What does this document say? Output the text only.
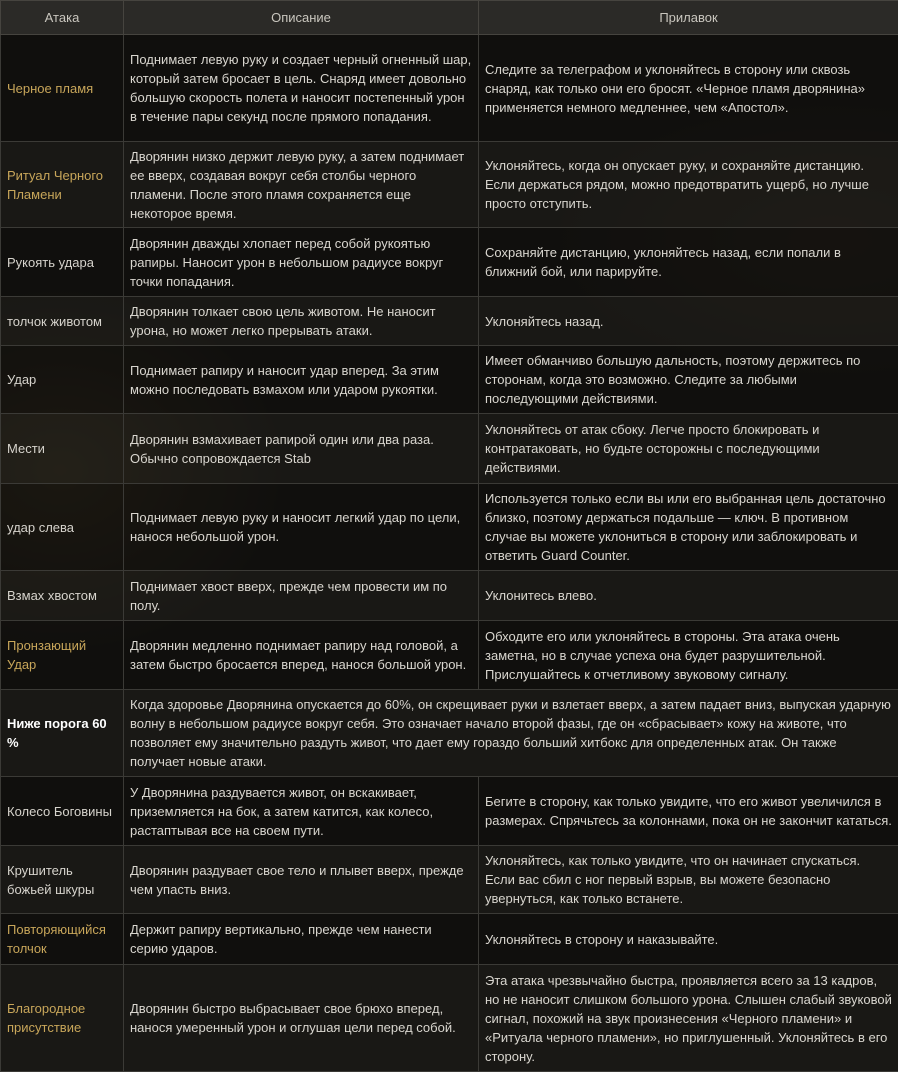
Атака	Описание	Прилавок
Черное пламя	Поднимает левую руку и создает черный огненный шар, который затем бросает в цель. Снаряд имеет довольно большую скорость полета и наносит постепенный урон в течение пары секунд после прямого попадания.	Следите за телеграфом и уклоняйтесь в сторону или сквозь снаряд, как только они его бросят. «Черное пламя дворянина» применяется немного медленнее, чем «Апостол».
Ритуал Черного Пламени	Дворянин низко держит левую руку, а затем поднимает ее вверх, создавая вокруг себя столбы черного пламени. После этого пламя сохраняется еще некоторое время.	Уклоняйтесь, когда он опускает руку, и сохраняйте дистанцию. Если держаться рядом, можно предотвратить ущерб, но лучше просто отступить.
Рукоять удара	Дворянин дважды хлопает перед собой рукоятью рапиры. Наносит урон в небольшом радиусе вокруг точки попадания.	Сохраняйте дистанцию, уклоняйтесь назад, если попали в ближний бой, или парируйте.
толчок животом	Дворянин толкает свою цель животом. Не наносит урона, но может легко прерывать атаки.	Уклоняйтесь назад.
Удар	Поднимает рапиру и наносит удар вперед. За этим можно последовать взмахом или ударом рукоятки.	Имеет обманчиво большую дальность, поэтому держитесь по сторонам, когда это возможно. Следите за любыми последующими действиями.
Мести	Дворянин взмахивает рапирой один или два раза. Обычно сопровождается Stab	Уклоняйтесь от атак сбоку. Легче просто блокировать и контратаковать, но будьте осторожны с последующими действиями.
удар слева	Поднимает левую руку и наносит легкий удар по цели, нанося небольшой урон.	Используется только если вы или его выбранная цель достаточно близко, поэтому держаться подальше — ключ. В противном случае вы можете уклониться в сторону или заблокировать и ответить Guard Counter.
Взмах хвостом	Поднимает хвост вверх, прежде чем провести им по полу.	Уклонитесь влево.
Пронзающий Удар	Дворянин медленно поднимает рапиру над головой, а затем быстро бросается вперед, нанося большой урон.	Обходите его или уклоняйтесь в стороны. Эта атака очень заметна, но в случае успеха она будет разрушительной. Прислушайтесь к отчетливому звуковому сигналу.
Ниже порога 60 %	Когда здоровье Дворянина опускается до 60%, он скрещивает руки и взлетает вверх, а затем падает вниз, выпуская ударную волну в небольшом радиусе вокруг себя. Это означает начало второй фазы, где он «сбрасывает» кожу на животе, что позволяет ему значительно раздуть живот, что дает ему гораздо больший хитбокс для определенных атак. Он также получает новые атаки.	
Колесо Боговины	У Дворянина раздувается живот, он вскакивает, приземляется на бок, а затем катится, как колесо, растаптывая все на своем пути.	Бегите в сторону, как только увидите, что его живот увеличился в размерах. Спрячьтесь за колоннами, пока он не закончит кататься.
Крушитель божьей шкуры	Дворянин раздувает свое тело и плывет вверх, прежде чем упасть вниз.	Уклоняйтесь, как только увидите, что он начинает спускаться. Если вас сбил с ног первый взрыв, вы можете безопасно увернуться, как только встанете.
Повторяющийся толчок	Держит рапиру вертикально, прежде чем нанести серию ударов.	Уклоняйтесь в сторону и наказывайте.
Благородное присутствие	Дворянин быстро выбрасывает свое брюхо вперед, нанося умеренный урон и оглушая цели перед собой.	Эта атака чрезвычайно быстра, проявляется всего за 13 кадров, но не наносит слишком большого урона. Слышен слабый звуковой сигнал, похожий на звук произнесения «Черного пламени» и «Ритуала черного пламени», но приглушенный. Уклоняйтесь в его сторону.
